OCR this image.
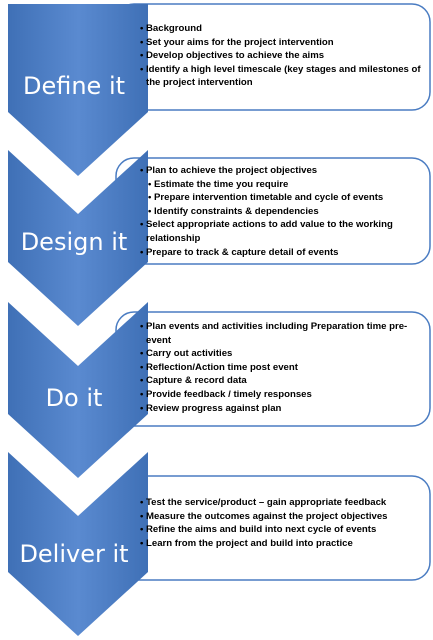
Define it
Design it
Do it
Deliver it
• Background
• Set your aims for the project intervention
• Develop objectives to achieve the aims
• Identify a high level timescale (key stages and milestones of the project intervention
• Plan to achieve the project objectives
• Estimate the time you require
• Prepare intervention timetable and cycle of events
• Identify constraints & dependencies
• Select appropriate actions to add value to the working relationship
• Prepare to track & capture detail of events
• Plan events and activities including Preparation time pre-event
• Carry out activities
• Reflection/Action time post event
• Capture & record data
• Provide feedback / timely responses
• Review progress against plan
• Test the service/product – gain appropriate feedback
• Measure the outcomes against the project objectives
• Refine the aims and build into next cycle of events
• Learn from the project and build into practice
